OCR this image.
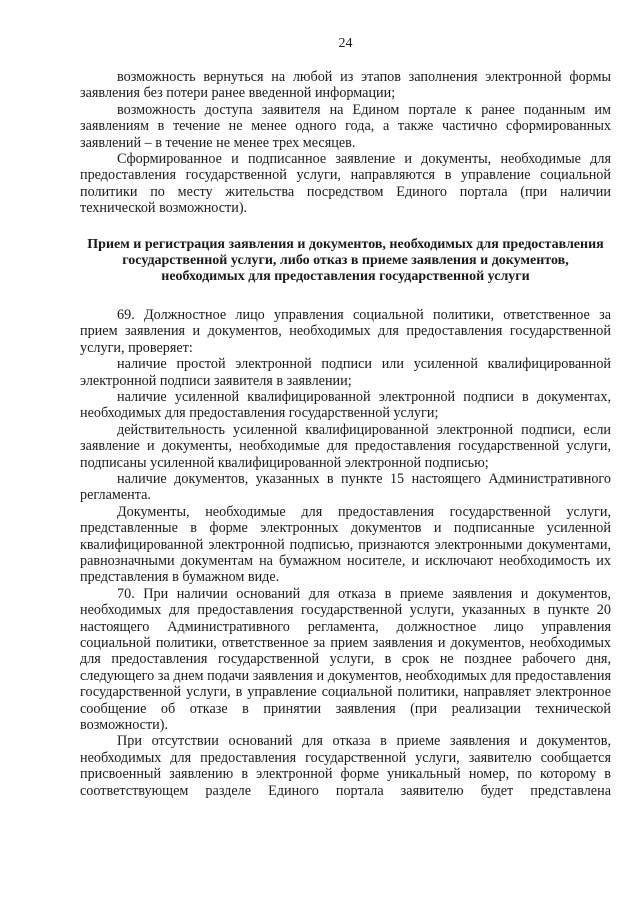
24

возможность вернуться на любой из этапов заполнения электронной формы заявления без потери ранее введенной информации;

возможность доступа заявителя на Едином портале к ранее поданным им заявлениям в течение не менее одного года, а также частично сформированных заявлений – в течение не менее трех месяцев.

Сформированное и подписанное заявление и документы, необходимые для предоставления государственной услуги, направляются в управление социальной политики по месту жительства посредством Единого портала (при наличии технической возможности).

Прием и регистрация заявления и документов, необходимых для предоставления государственной услуги, либо отказ в приеме заявления и документов, необходимых для предоставления государственной услуги

69. Должностное лицо управления социальной политики, ответственное за прием заявления и документов, необходимых для предоставления государственной услуги, проверяет:

наличие простой электронной подписи или усиленной квалифицированной электронной подписи заявителя в заявлении;

наличие усиленной квалифицированной электронной подписи в документах, необходимых для предоставления государственной услуги;

действительность усиленной квалифицированной электронной подписи, если заявление и документы, необходимые для предоставления государственной услуги, подписаны усиленной квалифицированной электронной подписью;

наличие документов, указанных в пункте 15 настоящего Административного регламента.

Документы, необходимые для предоставления государственной услуги, представленные в форме электронных документов и подписанные усиленной квалифицированной электронной подписью, признаются электронными документами, равнозначными документам на бумажном носителе, и исключают необходимость их представления в бумажном виде.

70. При наличии оснований для отказа в приеме заявления и документов, необходимых для предоставления государственной услуги, указанных в пункте 20 настоящего Административного регламента, должностное лицо управления социальной политики, ответственное за прием заявления и документов, необходимых для предоставления государственной услуги, в срок не позднее рабочего дня, следующего за днем подачи заявления и документов, необходимых для предоставления государственной услуги, в управление социальной политики, направляет электронное сообщение об отказе в принятии заявления (при реализации технической возможности).

При отсутствии оснований для отказа в приеме заявления и документов, необходимых для предоставления государственной услуги, заявителю сообщается присвоенный заявлению в электронной форме уникальный номер, по которому в соответствующем разделе Единого портала заявителю будет представлена
